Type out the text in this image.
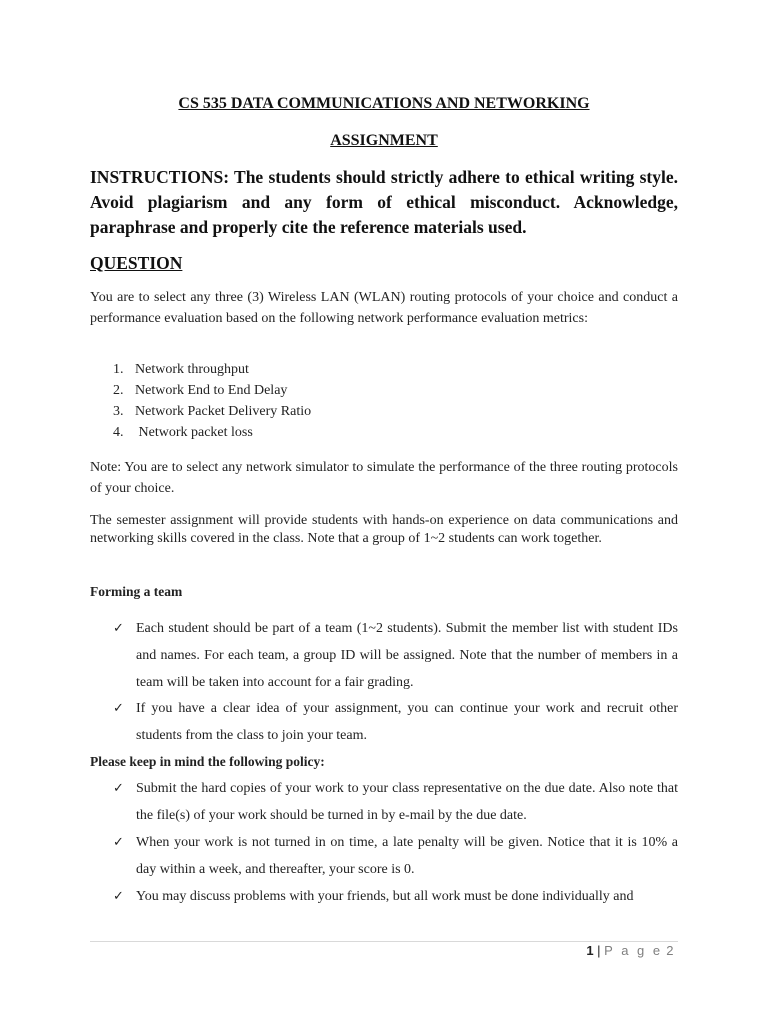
CS 535 DATA COMMUNICATIONS AND NETWORKING
ASSIGNMENT
INSTRUCTIONS: The students should strictly adhere to ethical writing style. Avoid plagiarism and any form of ethical misconduct. Acknowledge, paraphrase and properly cite the reference materials used.
QUESTION
You are to select any three (3) Wireless LAN (WLAN) routing protocols of your choice and conduct a performance evaluation based on the following network performance evaluation metrics:
1. Network throughput
2. Network End to End Delay
3. Network Packet Delivery Ratio
4. Network packet loss
Note: You are to select any network simulator to simulate the performance of the three routing protocols of your choice.
The semester assignment will provide students with hands-on experience on data communications and networking skills covered in the class. Note that a group of 1~2 students can work together.
Forming a team
✓ Each student should be part of a team (1~2 students). Submit the member list with student IDs and names. For each team, a group ID will be assigned. Note that the number of members in a team will be taken into account for a fair grading.
✓ If you have a clear idea of your assignment, you can continue your work and recruit other students from the class to join your team.
Please keep in mind the following policy:
✓ Submit the hard copies of your work to your class representative on the due date. Also note that the file(s) of your work should be turned in by e-mail by the due date.
✓ When your work is not turned in on time, a late penalty will be given. Notice that it is 10% a day within a week, and thereafter, your score is 0.
✓ You may discuss problems with your friends, but all work must be done individually and
1 | P a g e 2
